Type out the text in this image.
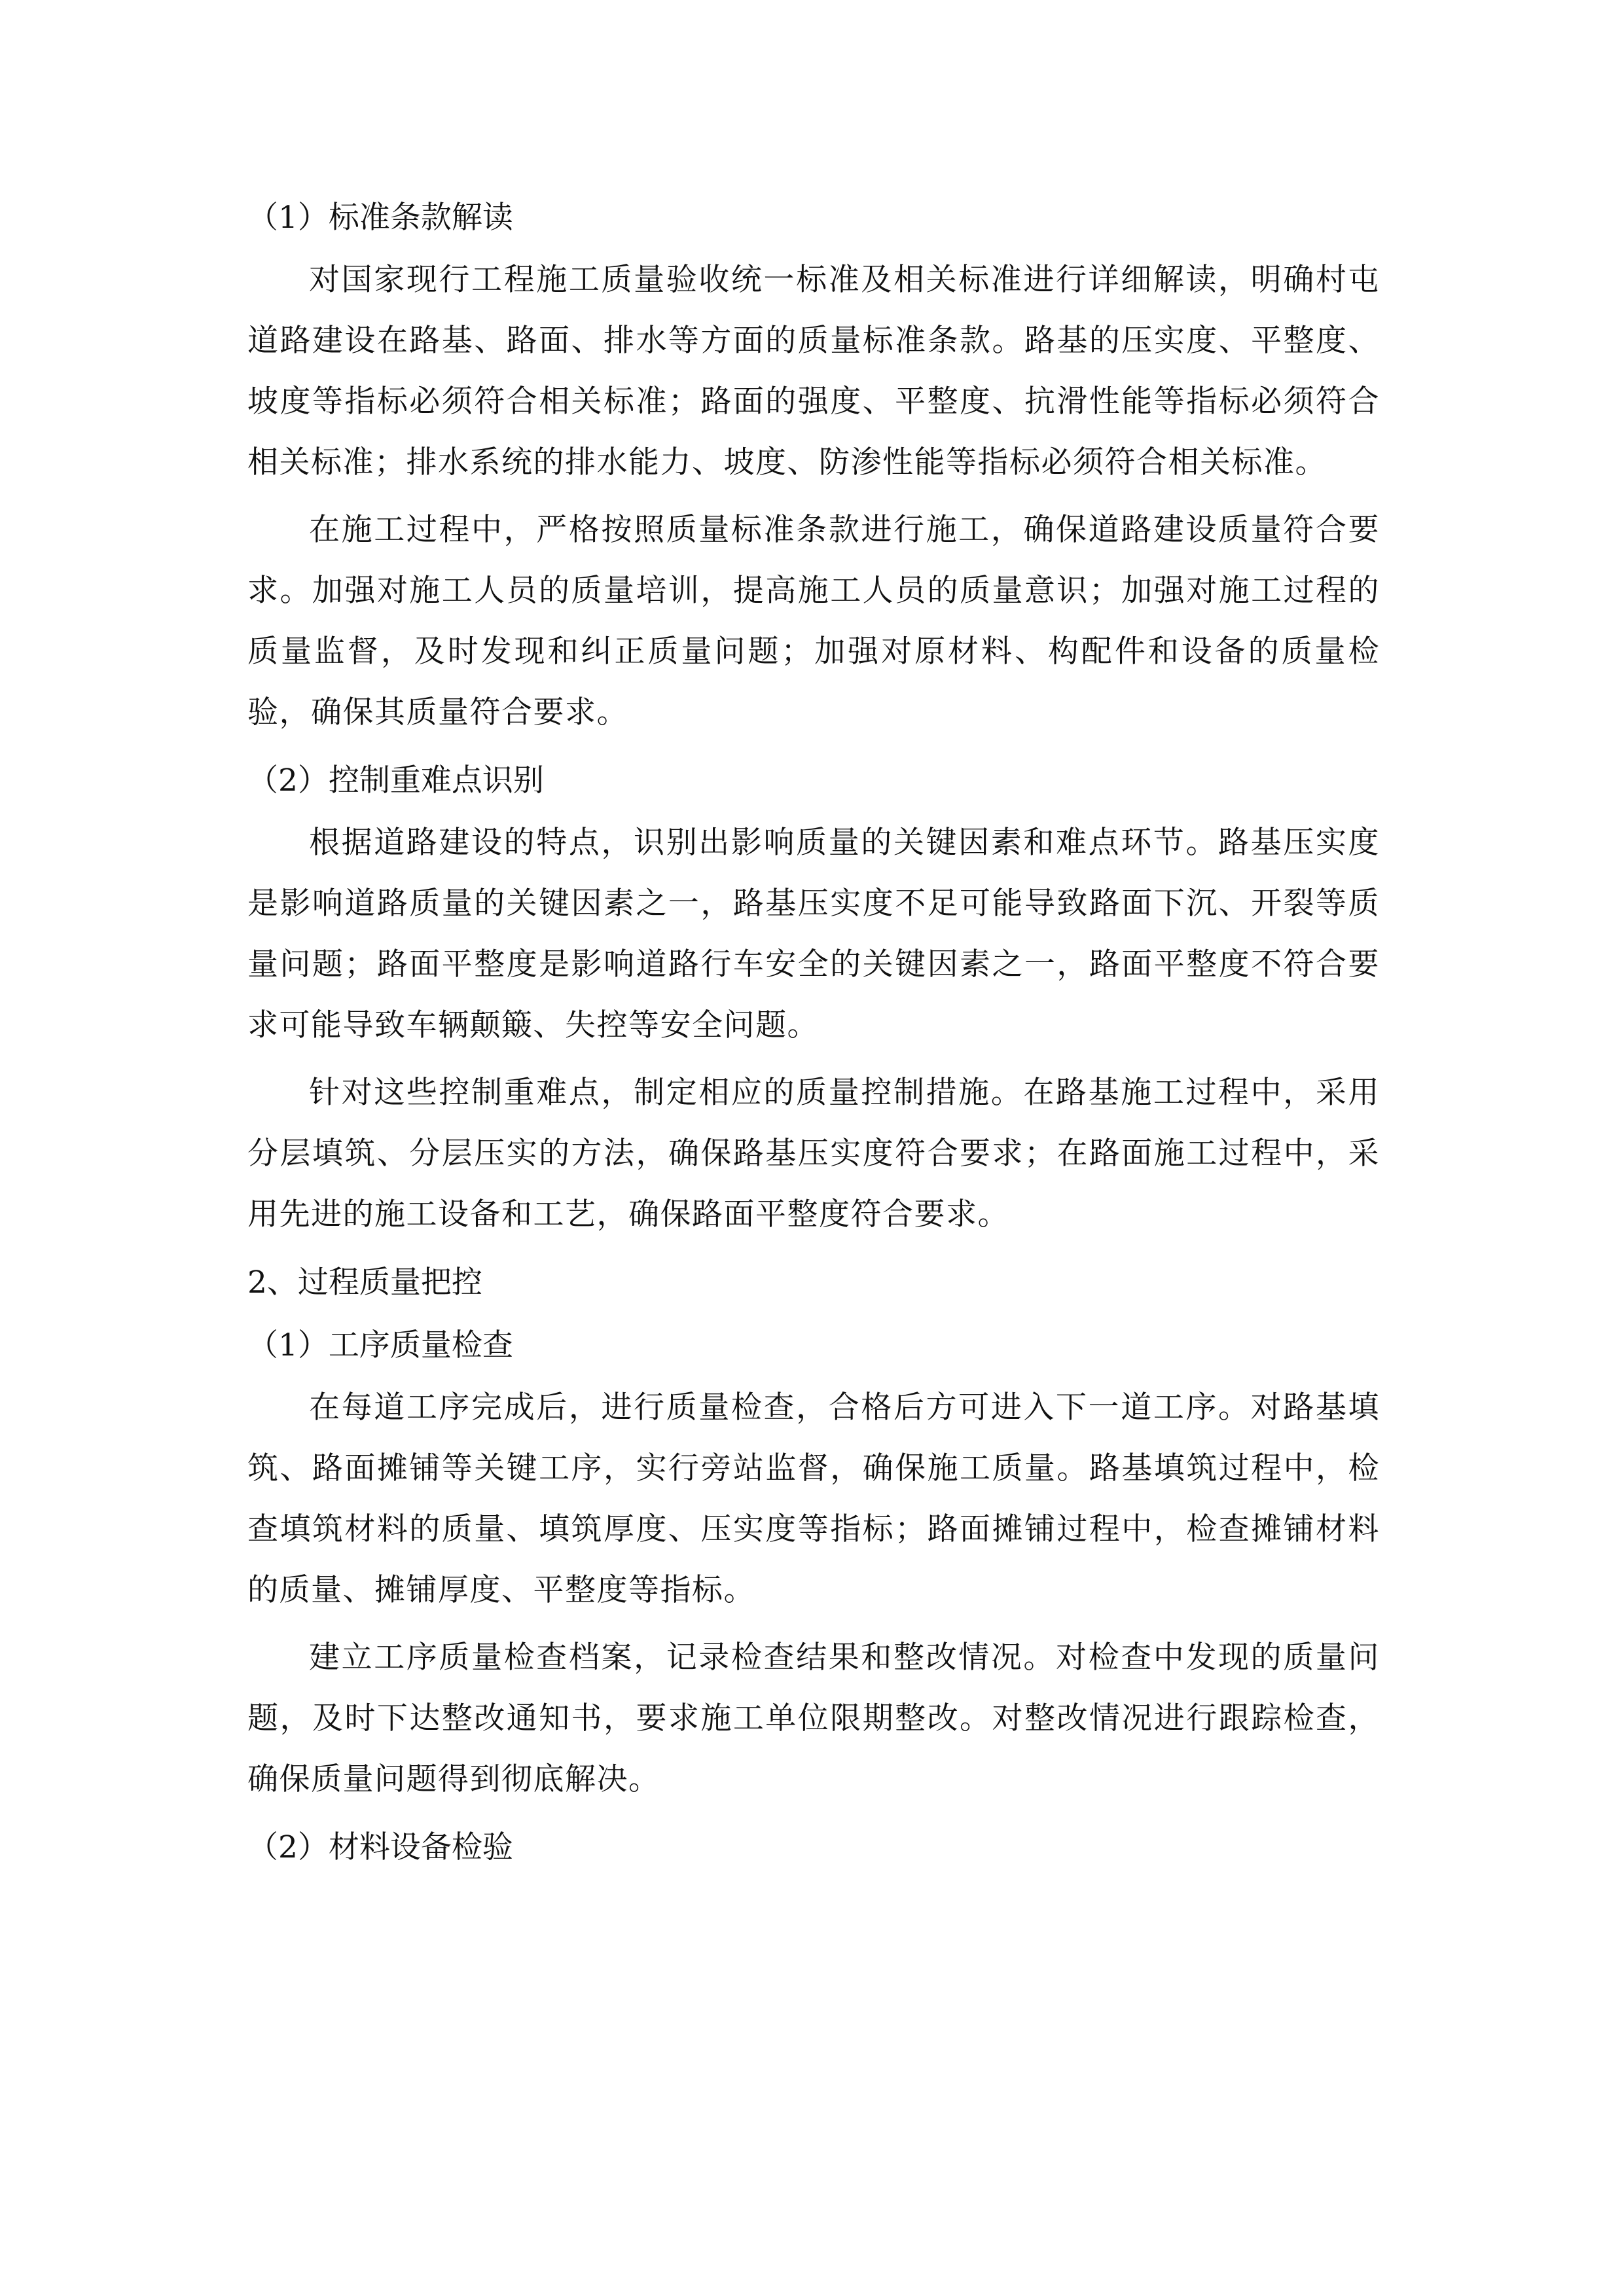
（1）标准条款解读

对国家现行工程施工质量验收统一标准及相关标准进行详细解读，明确村屯道路建设在路基、路面、排水等方面的质量标准条款。路基的压实度、平整度、坡度等指标必须符合相关标准；路面的强度、平整度、抗滑性能等指标必须符合相关标准；排水系统的排水能力、坡度、防渗性能等指标必须符合相关标准。

在施工过程中，严格按照质量标准条款进行施工，确保道路建设质量符合要求。加强对施工人员的质量培训，提高施工人员的质量意识；加强对施工过程的质量监督，及时发现和纠正质量问题；加强对原材料、构配件和设备的质量检验，确保其质量符合要求。

（2）控制重难点识别

根据道路建设的特点，识别出影响质量的关键因素和难点环节。路基压实度是影响道路质量的关键因素之一，路基压实度不足可能导致路面下沉、开裂等质量问题；路面平整度是影响道路行车安全的关键因素之一，路面平整度不符合要求可能导致车辆颠簸、失控等安全问题。

针对这些控制重难点，制定相应的质量控制措施。在路基施工过程中，采用分层填筑、分层压实的方法，确保路基压实度符合要求；在路面施工过程中，采用先进的施工设备和工艺，确保路面平整度符合要求。

2、过程质量把控

（1）工序质量检查

在每道工序完成后，进行质量检查，合格后方可进入下一道工序。对路基填筑、路面摊铺等关键工序，实行旁站监督，确保施工质量。路基填筑过程中，检查填筑材料的质量、填筑厚度、压实度等指标；路面摊铺过程中，检查摊铺材料的质量、摊铺厚度、平整度等指标。

建立工序质量检查档案，记录检查结果和整改情况。对检查中发现的质量问题，及时下达整改通知书，要求施工单位限期整改。对整改情况进行跟踪检查，确保质量问题得到彻底解决。

（2）材料设备检验
